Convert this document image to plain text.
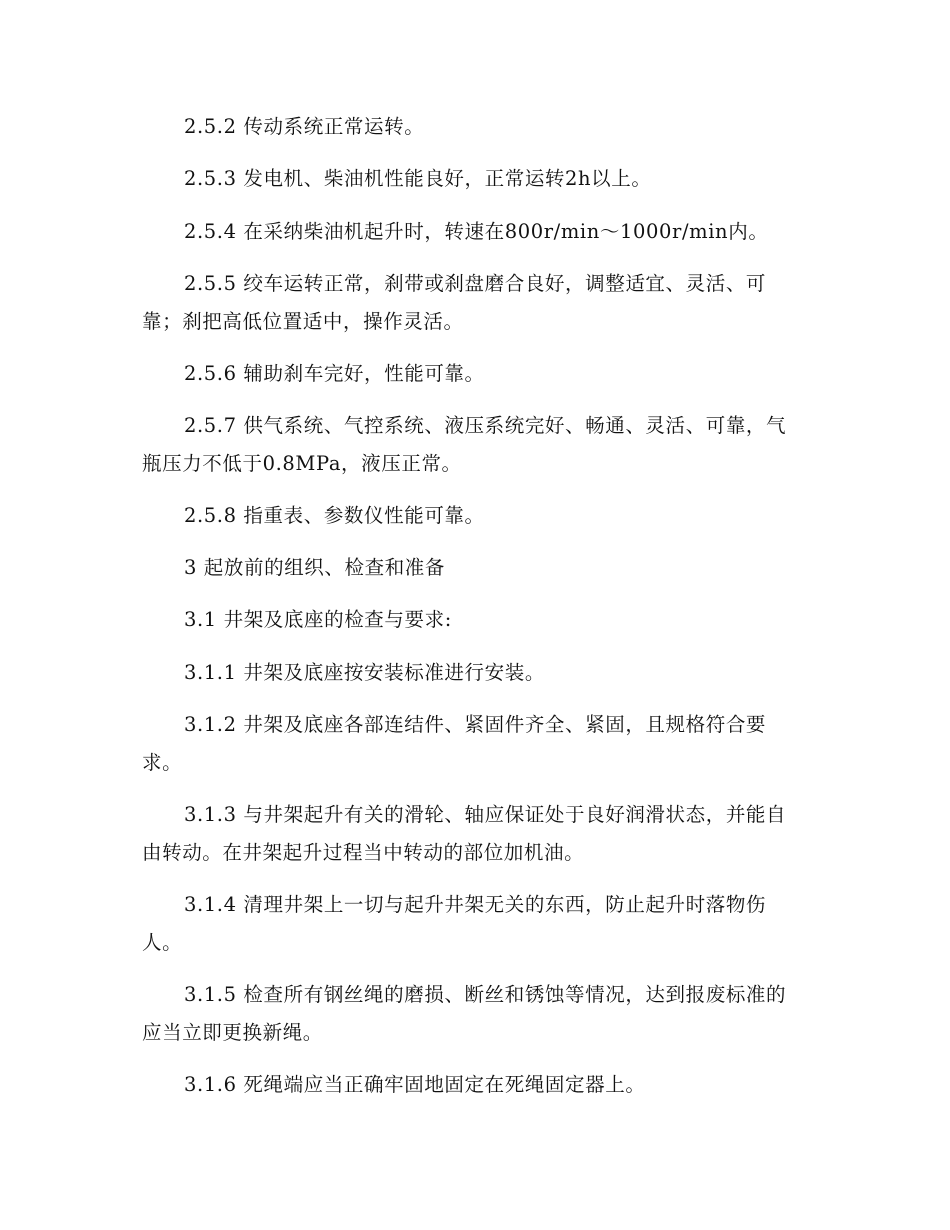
2.5.2 传动系统正常运转。

2.5.3 发电机、柴油机性能良好，正常运转2h以上。

2.5.4 在采纳柴油机起升时，转速在800r/min～1000r/min内。

2.5.5 绞车运转正常，刹带或刹盘磨合良好，调整适宜、灵活、可靠；刹把高低位置适中，操作灵活。

2.5.6 辅助刹车完好，性能可靠。

2.5.7 供气系统、气控系统、液压系统完好、畅通、灵活、可靠，气瓶压力不低于0.8MPa，液压正常。

2.5.8 指重表、参数仪性能可靠。

3 起放前的组织、检查和准备

3.1 井架及底座的检查与要求:

3.1.1 井架及底座按安装标准进行安装。

3.1.2 井架及底座各部连结件、紧固件齐全、紧固，且规格符合要求。

3.1.3 与井架起升有关的滑轮、轴应保证处于良好润滑状态，并能自由转动。在井架起升过程当中转动的部位加机油。

3.1.4 清理井架上一切与起升井架无关的东西，防止起升时落物伤人。

3.1.5 检查所有钢丝绳的磨损、断丝和锈蚀等情况，达到报废标准的应当立即更换新绳。

3.1.6 死绳端应当正确牢固地固定在死绳固定器上。
